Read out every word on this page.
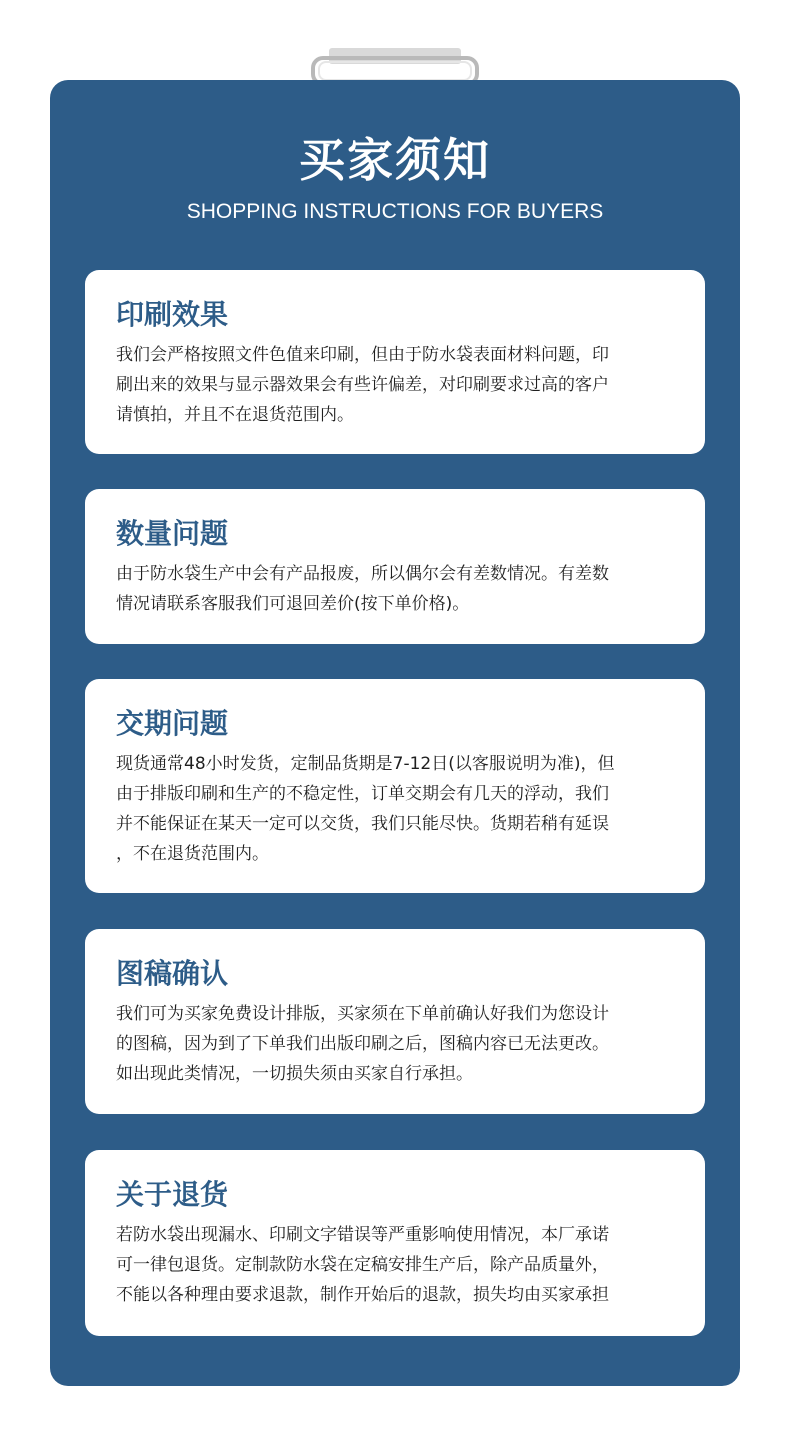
买家须知
SHOPPING INSTRUCTIONS FOR BUYERS
印刷效果
我们会严格按照文件色值来印刷，但由于防水袋表面材料问题，印
刷出来的效果与显示器效果会有些许偏差，对印刷要求过高的客户
请慎拍，并且不在退货范围内。
数量问题
由于防水袋生产中会有产品报废，所以偶尔会有差数情况。有差数
情况请联系客服我们可退回差价(按下单价格)。
交期问题
现货通常48小时发货，定制品货期是7-12日(以客服说明为准)，但
由于排版印刷和生产的不稳定性，订单交期会有几天的浮动，我们
并不能保证在某天一定可以交货，我们只能尽快。货期若稍有延误
，不在退货范围内。
图稿确认
我们可为买家免费设计排版，买家须在下单前确认好我们为您设计
的图稿，因为到了下单我们出版印刷之后，图稿内容已无法更改。
如出现此类情况，一切损失须由买家自行承担。
关于退货
若防水袋出现漏水、印刷文字错误等严重影响使用情况，本厂承诺
可一律包退货。定制款防水袋在定稿安排生产后，除产品质量外，
不能以各种理由要求退款，制作开始后的退款，损失均由买家承担
